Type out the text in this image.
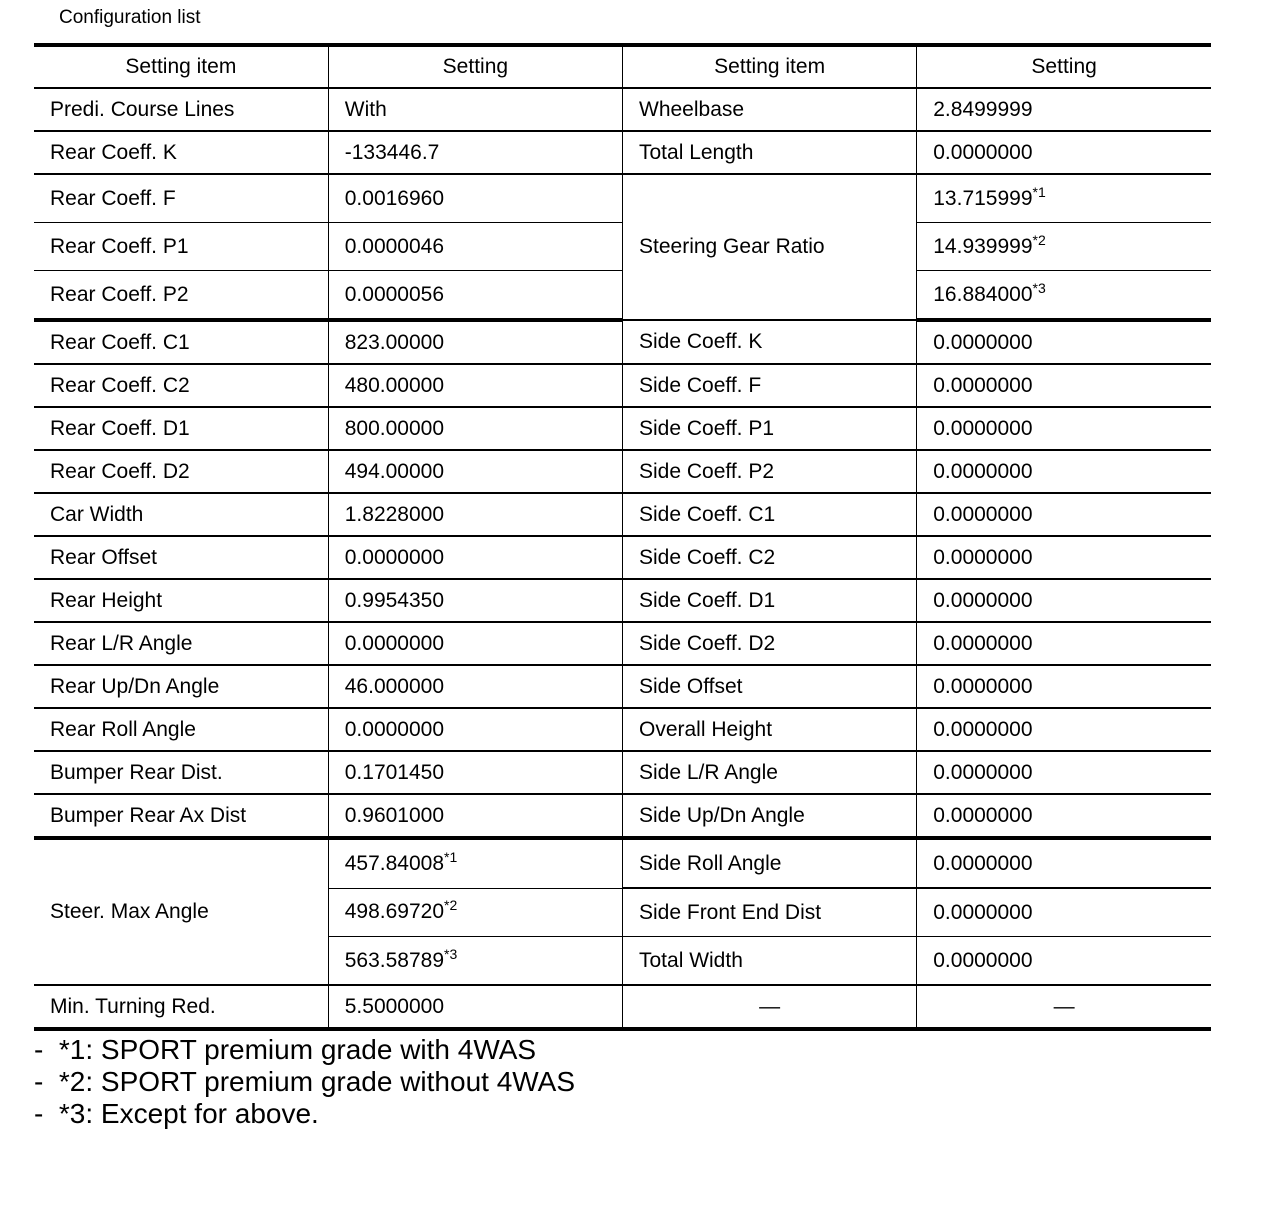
Configuration list
Setting item	Setting	Setting item	Setting
Predi. Course Lines	With	Wheelbase	2.8499999
Rear Coeff. K	-133446.7	Total Length	0.0000000
Rear Coeff. F	0.0016960	Steering Gear Ratio	13.715999$^{*1}$
Rear Coeff. P1	0.0000046		14.939999$^{*2}$
Rear Coeff. P2	0.0000056		16.884000$^{*3}$
Rear Coeff. C1	823.00000	Side Coeff. K	0.0000000
Rear Coeff. C2	480.00000	Side Coeff. F	0.0000000
Rear Coeff. D1	800.00000	Side Coeff. P1	0.0000000
Rear Coeff. D2	494.00000	Side Coeff. P2	0.0000000
Car Width	1.8228000	Side Coeff. C1	0.0000000
Rear Offset	0.0000000	Side Coeff. C2	0.0000000
Rear Height	0.9954350	Side Coeff. D1	0.0000000
Rear L/R Angle	0.0000000	Side Coeff. D2	0.0000000
Rear Up/Dn Angle	46.000000	Side Offset	0.0000000
Rear Roll Angle	0.0000000	Overall Height	0.0000000
Bumper Rear Dist.	0.1701450	Side L/R Angle	0.0000000
Bumper Rear Ax Dist	0.9601000	Side Up/Dn Angle	0.0000000
Steer. Max Angle	457.84008$^{*1}$	Side Roll Angle	0.0000000
	498.69720$^{*2}$	Side Front End Dist	0.0000000
	563.58789$^{*3}$	Total Width	0.0000000
Min. Turning Red.	5.5000000	—	—
-  *1: SPORT premium grade with 4WAS
-  *2: SPORT premium grade without 4WAS
-  *3: Except for above.
